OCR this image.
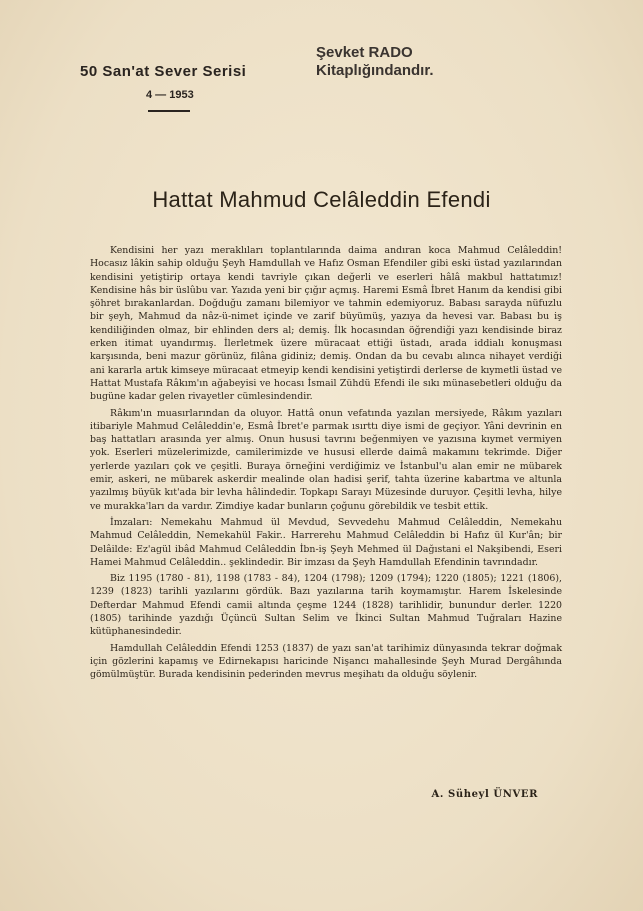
50 San'at Sever Serisi
4 — 1953
Şevket RADO
Kitaplığındandır.
Hattat Mahmud Celâleddin Efendi

Kendisini her yazı meraklıları toplantılarında daima andıran koca Mahmud Celâleddin! Hocasız lâkin sahip olduğu Şeyh Hamdullah ve Hafız Osman Efendiler gibi eski üstad yazılarından kendisini yetiştirip ortaya kendi tavriyle çıkan değerli ve eserleri hâlâ makbul hattatımız! Kendisine hâs bir üslûbu var. Yazıda yeni bir çığır açmış. Haremi Esmâ İbret Hanım da kendisi gibi şöhret bırakanlardan. Doğduğu zamanı bilemiyor ve tahmin edemiyoruz. Babası sarayda nüfuzlu bir şeyh, Mahmud da nâz-ü-nimet içinde ve zarif büyümüş, yazıya da hevesi var. Babası bu iş kendiliğinden olmaz, bir ehlinden ders al; demiş. İlk hocasından öğrendiği yazı kendisinde biraz erken itimat uyandırmış. İlerletmek üzere müracaat ettiği üstadı, arada iddialı konuşması karşısında, beni mazur görünüz, filâna gidiniz; demiş. Ondan da bu cevabı alınca nihayet verdiği ani kararla artık kimseye müracaat etmeyip kendi kendisini yetiştirdi derlerse de kıymetli üstad ve Hattat Mustafa Râkım'ın ağabeyisi ve hocası İsmail Zühdü Efendi ile sıkı münasebetleri olduğu da bugüne kadar gelen rivayetler cümlesindendir.

Râkım'ın muasırlarından da oluyor. Hattâ onun vefatında yazılan mersiyede, Râkım yazıları itibariyle Mahmud Celâleddin'e, Esmâ İbret'e parmak ısırttı diye ismi de geçiyor. Yâni devrinin en baş hattatları arasında yer almış. Onun hususi tavrını beğenmiyen ve yazısına kıymet vermiyen yok. Eserleri müzelerimizde, camilerimizde ve hususi ellerde daimâ makamını tekrimde. Diğer yerlerde yazıları çok ve çeşitli. Buraya örneğini verdiğimiz ve İstanbul'u alan emir ne mübarek emir, askeri, ne mübarek askerdir mealinde olan hadisi şerif, tahta üzerine kabartma ve altunla yazılmış büyük kıt'ada bir levha hâlindedir. Topkapı Sarayı Müzesinde duruyor. Çeşitli levha, hilye ve murakka'ları da vardır. Zimdiye kadar bunların çoğunu görebildik ve tesbit ettik.

İmzaları: Nemekahu Mahmud ül Mevdud, Sevvedehu Mahmud Celâleddin, Nemekahu Mahmud Celâleddin, Nemekahül Fakir.. Harrerehu Mahmud Celâleddin bi Hafız ül Kur'ân; bir Delâilde: Ez'agül ibâd Mahmud Celâleddin İbn-iş Şeyh Mehmed ül Dağıstani el Nakşibendi, Eseri Hamei Mahmud Celâleddin.. şeklindedir. Bir imzası da Şeyh Hamdullah Efendinin tavrındadır.

Biz 1195 (1780 - 81), 1198 (1783 - 84), 1204 (1798); 1209 (1794); 1220 (1805); 1221 (1806), 1239 (1823) tarihli yazılarını gördük. Bazı yazılarına tarih koymamıştır. Harem İskelesinde Defterdar Mahmud Efendi camii altında çeşme 1244 (1828) tarihlidir, bunundur derler. 1220 (1805) tarihinde yazdığı Üçüncü Sultan Selim ve İkinci Sultan Mahmud Tuğraları Hazine kütüphanesindedir.

Hamdullah Celâleddin Efendi 1253 (1837) de yazı san'at tarihimiz dünyasında tekrar doğmak için gözlerini kapamış ve Edirnekapısı haricinde Nişancı mahallesinde Şeyh Murad Dergâhında gömülmüştür. Burada kendisinin pederinden mevrus meşihatı da olduğu söylenir.

A. Süheyl ÜNVER
